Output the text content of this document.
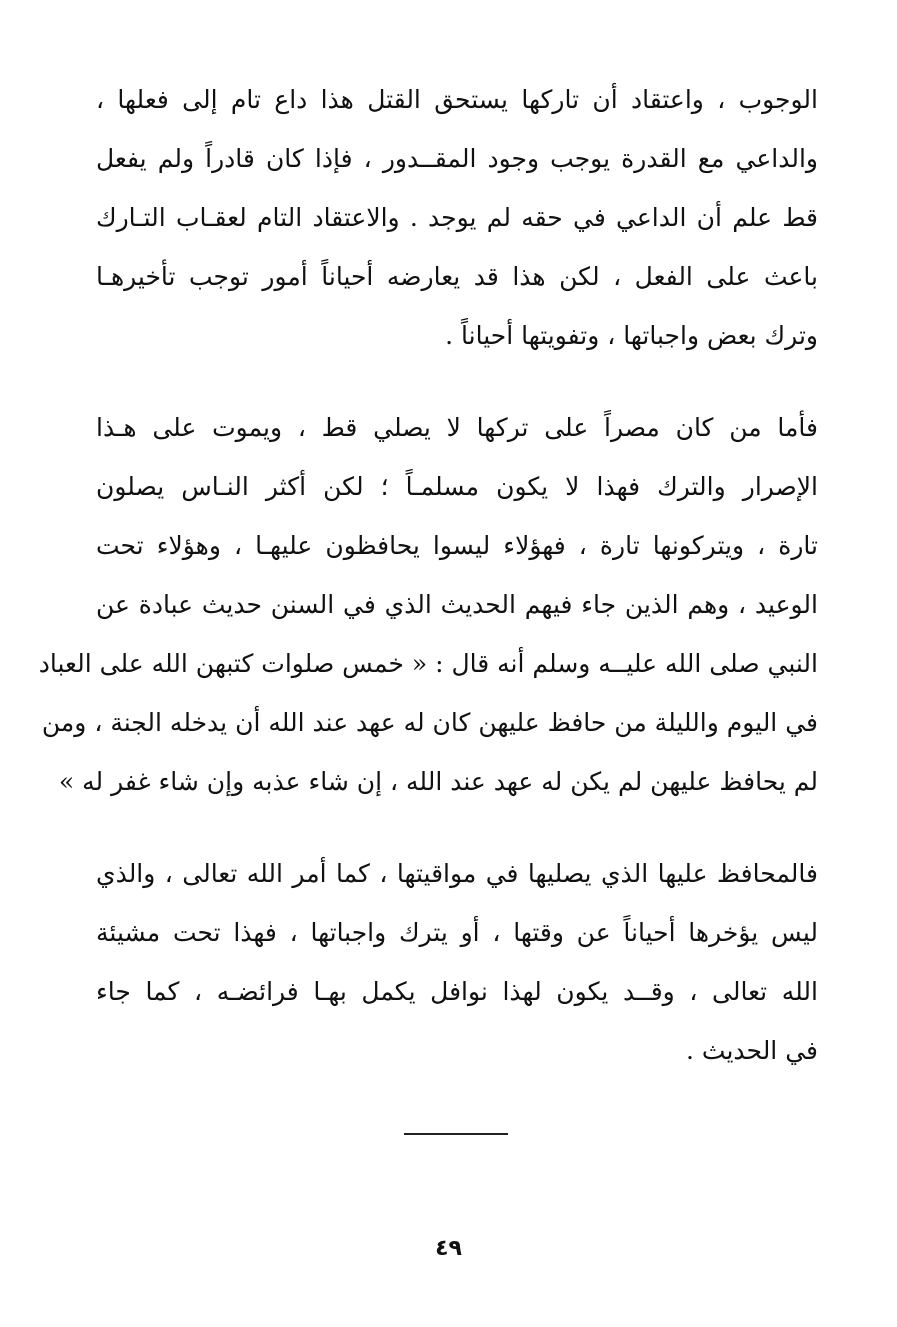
الوجوب ، واعتقاد أن تاركها يستحق القتل هذا داع تام إلى فعلها ،
والداعي مع القدرة يوجب وجود المقــدور ، فإذا كان قادراً ولم يفعل
قط علم أن الداعي في حقه لم يوجد . والاعتقاد التام لعقـاب التـارك
باعث على الفعل ، لكن هذا قد يعارضه أحياناً أمور توجب تأخيرهـا
وترك بعض واجباتها ، وتفويتها أحياناً .
فأما من كان مصراً على تركها لا يصلي قط ، ويموت على هـذا
الإصرار والترك فهذا لا يكون مسلمـاً ؛ لكن أكثر النـاس يصلون
تارة ، ويتركونها تارة ، فهؤلاء ليسوا يحافظون عليهـا ، وهؤلاء تحت
الوعيد ، وهم الذين جاء فيهم الحديث الذي في السنن حديث عبادة عن
النبي صلى الله عليــه وسلم أنه قال : « خمس صلوات كتبهن الله على العباد
في اليوم والليلة من حافظ عليهن كان له عهد عند الله أن يدخله الجنة ، ومن
لم يحافظ عليهن لم يكن له عهد عند الله ، إن شاء عذبه وإن شاء غفر له »
فالمحافظ عليها الذي يصليها في مواقيتها ، كما أمر الله تعالى ، والذي
ليس يؤخرها أحياناً عن وقتها ، أو يترك واجباتها ، فهذا تحت مشيئة
الله تعالى ، وقــد يكون لهذا نوافل يكمل بهـا فرائضـه ، كما جاء
في الحديث .
٤٩
